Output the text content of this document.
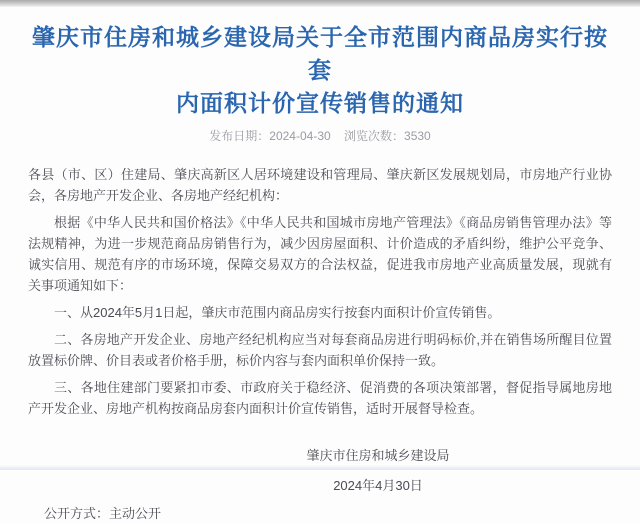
肇庆市住房和城乡建设局关于全市范围内商品房实行按套
内面积计价宣传销售的通知
发布日期：2024-04-30 浏览次数：3530

各县（市、区）住建局、肇庆高新区人居环境建设和管理局、肇庆新区发展规划局，市房地产行业协会，各房地产开发企业、各房地产经纪机构：

根据《中华人民共和国价格法》《中华人民共和国城市房地产管理法》《商品房销售管理办法》等法规精神，为进一步规范商品房销售行为，减少因房屋面积、计价造成的矛盾纠纷，维护公平竞争、诚实信用、规范有序的市场环境，保障交易双方的合法权益，促进我市房地产业高质量发展，现就有关事项通知如下：

一、从2024年5月1日起，肇庆市范围内商品房实行按套内面积计价宣传销售。

二、各房地产开发企业、房地产经纪机构应当对每套商品房进行明码标价,并在销售场所醒目位置放置标价牌、价目表或者价格手册，标价内容与套内面积单价保持一致。

三、各地住建部门要紧扣市委、市政府关于稳经济、促消费的各项决策部署，督促指导属地房地产开发企业、房地产机构按商品房套内面积计价宣传销售，适时开展督导检查。

肇庆市住房和城乡建设局
2024年4月30日
公开方式：主动公开
